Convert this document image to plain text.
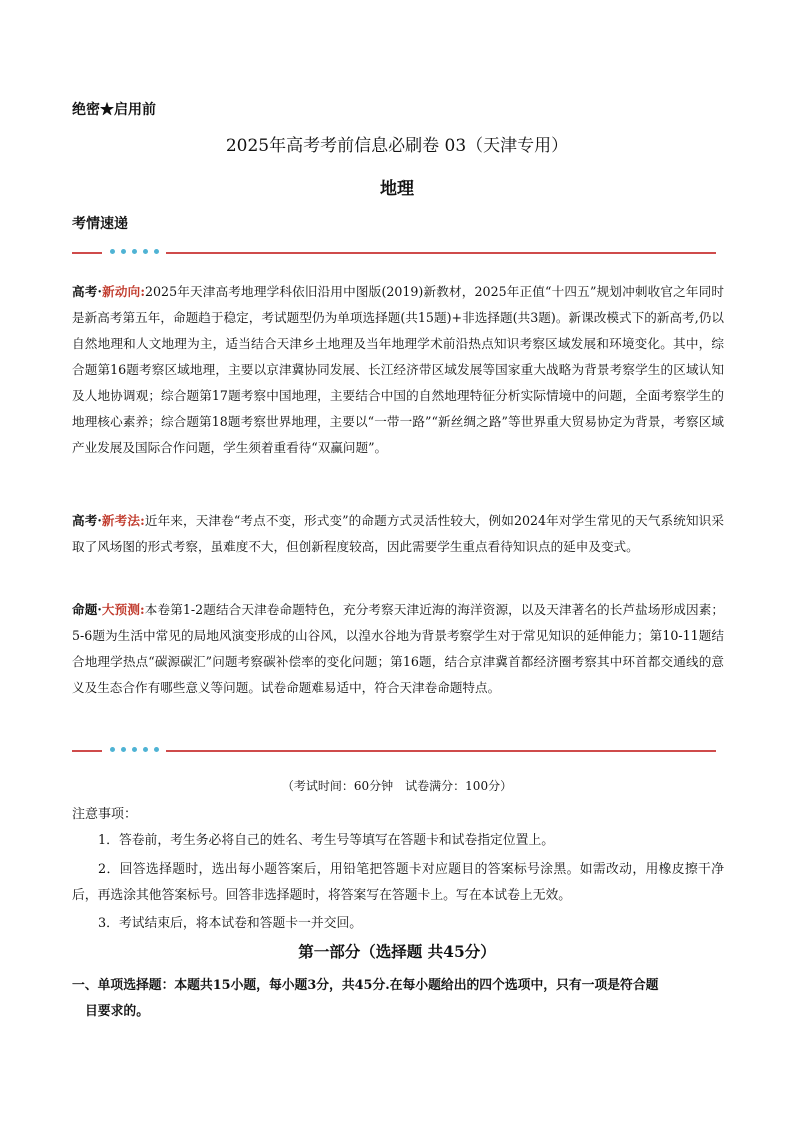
绝密★启用前
2025年高考考前信息必刷卷 03（天津专用）
地理
考情速递
高考·新动向:2025年天津高考地理学科依旧沿用中图版(2019)新教材，2025年正值“十四五”规划冲刺收官之年同时是新高考第五年，命题趋于稳定，考试题型仍为单项选择题(共15题)+非选择题(共3题)。新课改模式下的新高考,仍以自然地理和人文地理为主，适当结合天津乡土地理及当年地理学术前沿热点知识考察区域发展和环境变化。其中，综合题第16题考察区域地理，主要以京津冀协同发展、长江经济带区域发展等国家重大战略为背景考察学生的区域认知及人地协调观；综合题第17题考察中国地理，主要结合中国的自然地理特征分析实际情境中的问题，全面考察学生的地理核心素养；综合题第18题考察世界地理，主要以“一带一路”“新丝绸之路”等世界重大贸易协定为背景，考察区域产业发展及国际合作问题，学生须着重看待“双赢问题”。
高考·新考法:近年来，天津卷“考点不变，形式变”的命题方式灵活性较大，例如2024年对学生常见的天气系统知识采取了风场图的形式考察，虽难度不大，但创新程度较高，因此需要学生重点看待知识点的延申及变式。
命题·大预测:本卷第1-2题结合天津卷命题特色，充分考察天津近海的海洋资源，以及天津著名的长芦盐场形成因素；5-6题为生活中常见的局地风演变形成的山谷风，以湟水谷地为背景考察学生对于常见知识的延伸能力；第10-11题结合地理学热点“碳源碳汇”问题考察碳补偿率的变化问题；第16题，结合京津冀首都经济圈考察其中环首都交通线的意义及生态合作有哪些意义等问题。试卷命题难易适中，符合天津卷命题特点。
（考试时间：60分钟　试卷满分：100分）
注意事项：
1．答卷前，考生务必将自己的姓名、考生号等填写在答题卡和试卷指定位置上。
2．回答选择题时，选出每小题答案后，用铅笔把答题卡对应题目的答案标号涂黑。如需改动，用橡皮擦干净后，再选涂其他答案标号。回答非选择题时，将答案写在答题卡上。写在本试卷上无效。
3．考试结束后，将本试卷和答题卡一并交回。
第一部分（选择题 共45分）
一、单项选择题：本题共15小题，每小题3分，共45分.在每小题给出的四个选项中，只有一项是符合题
目要求的。
